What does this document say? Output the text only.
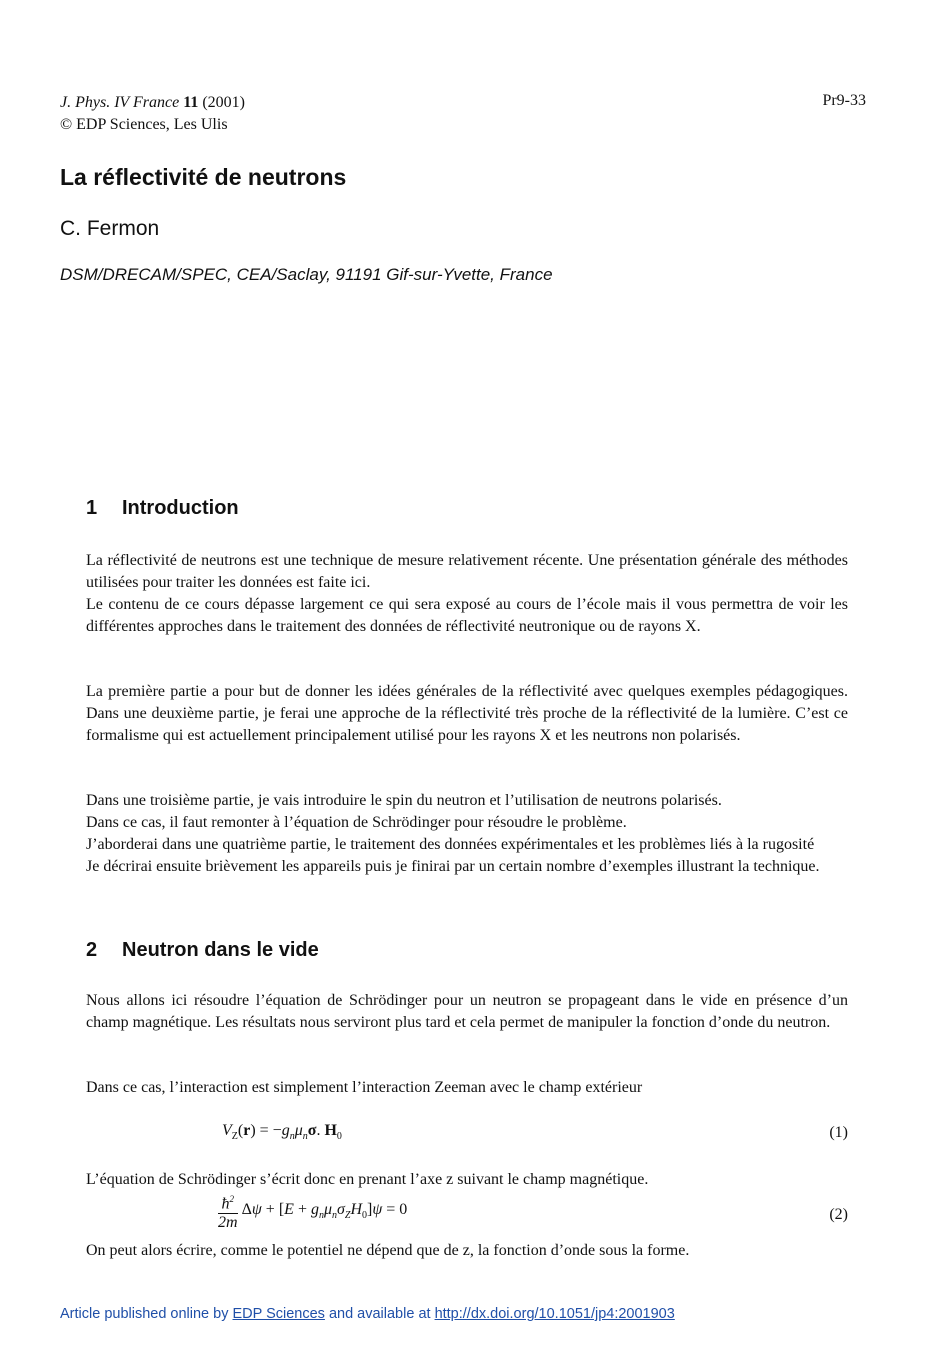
J. Phys. IV France 11 (2001)
© EDP Sciences, Les Ulis
Pr9-33
La réflectivité de neutrons
C. Fermon
DSM/DRECAM/SPEC, CEA/Saclay, 91191 Gif-sur-Yvette, France
1 Introduction

La réflectivité de neutrons est une technique de mesure relativement récente. Une présentation générale des méthodes utilisées pour traiter les données est faite ici.

Le contenu de ce cours dépasse largement ce qui sera exposé au cours de l’école mais il vous permettra de voir les différentes approches dans le traitement des données de réflectivité neutronique ou de rayons X.

La première partie a pour but de donner les idées générales de la réflectivité avec quelques exemples pédagogiques. Dans une deuxième partie, je ferai une approche de la réflectivité très proche de la réflectivité de la lumière. C’est ce formalisme qui est actuellement principalement utilisé pour les rayons X et les neutrons non polarisés.

Dans une troisième partie, je vais introduire le spin du neutron et l’utilisation de neutrons polarisés.

Dans ce cas, il faut remonter à l’équation de Schrödinger pour résoudre le problème.

J’aborderai dans une quatrième partie, le traitement des données expérimentales et les problèmes liés à la rugosité

Je décrirai ensuite brièvement les appareils puis je finirai par un certain nombre d’exemples illustrant la technique.

2 Neutron dans le vide

Nous allons ici résoudre l’équation de Schrödinger pour un neutron se propageant dans le vide en présence d’un champ magnétique. Les résultats nous serviront plus tard et cela permet de manipuler la fonction d’onde du neutron.

Dans ce cas, l’interaction est simplement l’interaction Zeeman avec le champ extérieur

$V_Z(r) = -g_n\mu_n\sigma$. $H_0$	(1)

L’équation de Schrödinger s’écrit donc en prenant l’axe z suivant le champ magnétique.

$\frac{ħ^2}{2m}$ $\Delta\psi + [E + g_n\mu_n\sigma_ZH_0]\psi = 0$	(2)

On peut alors écrire, comme le potentiel ne dépend que de z, la fonction d’onde sous la forme.

Article published online by EDP Sciences and available at http://dx.doi.org/10.1051/jp4:2001903
